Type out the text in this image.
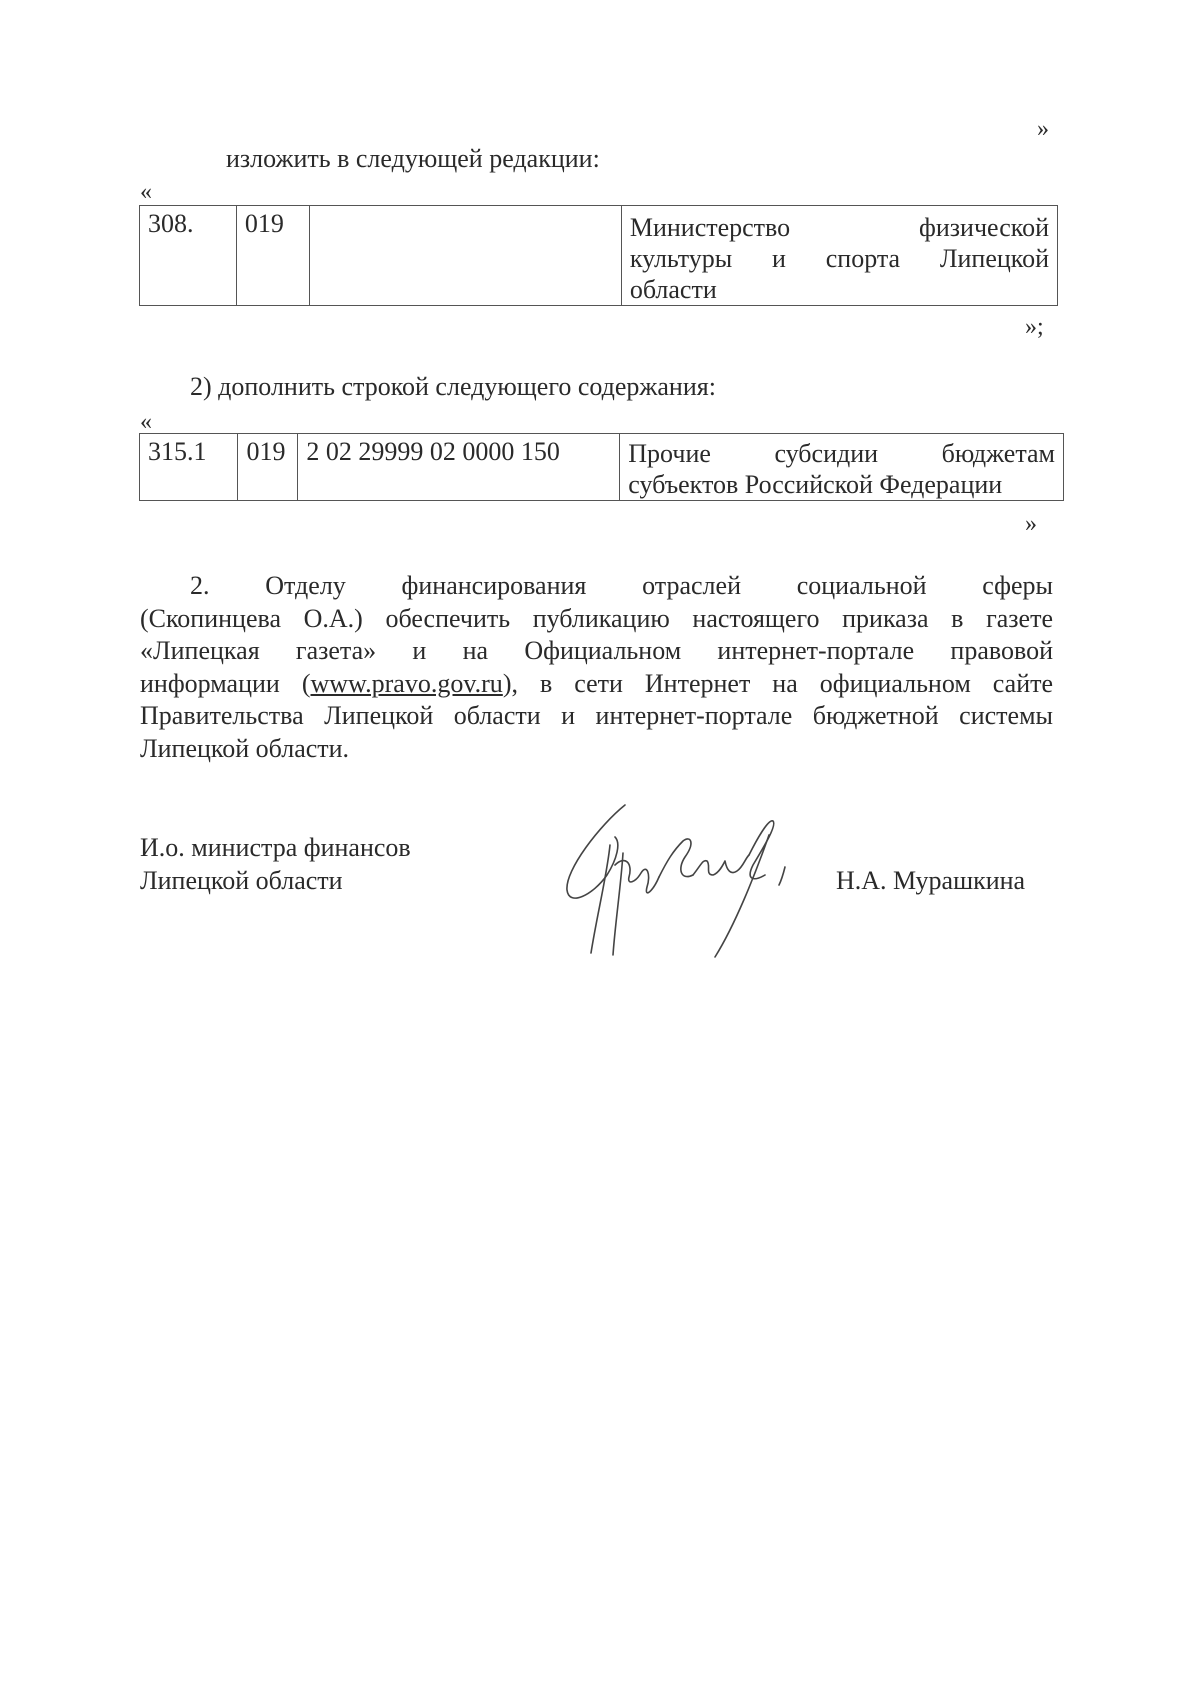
»
изложить в следующей редакции:
«
308.	019		Министерство физической
культуры и спорта Липецкой
области
»;
2) дополнить строкой следующего содержания:
«
315.1	019	2 02 29999 02 0000 150	Прочие субсидии бюджетам
субъектов Российской Федерации
»
2. Отделу финансирования отраслей социальной сферы
(Скопинцева О.А.) обеспечить публикацию настоящего приказа в газете
«Липецкая газета» и на Официальном интернет-портале правовой
информации (www.pravo.gov.ru), в сети Интернет на официальном сайте
Правительства Липецкой области и интернет-портале бюджетной системы
Липецкой области.
И.о. министра финансов
Липецкой области	Н.А. Мурашкина
